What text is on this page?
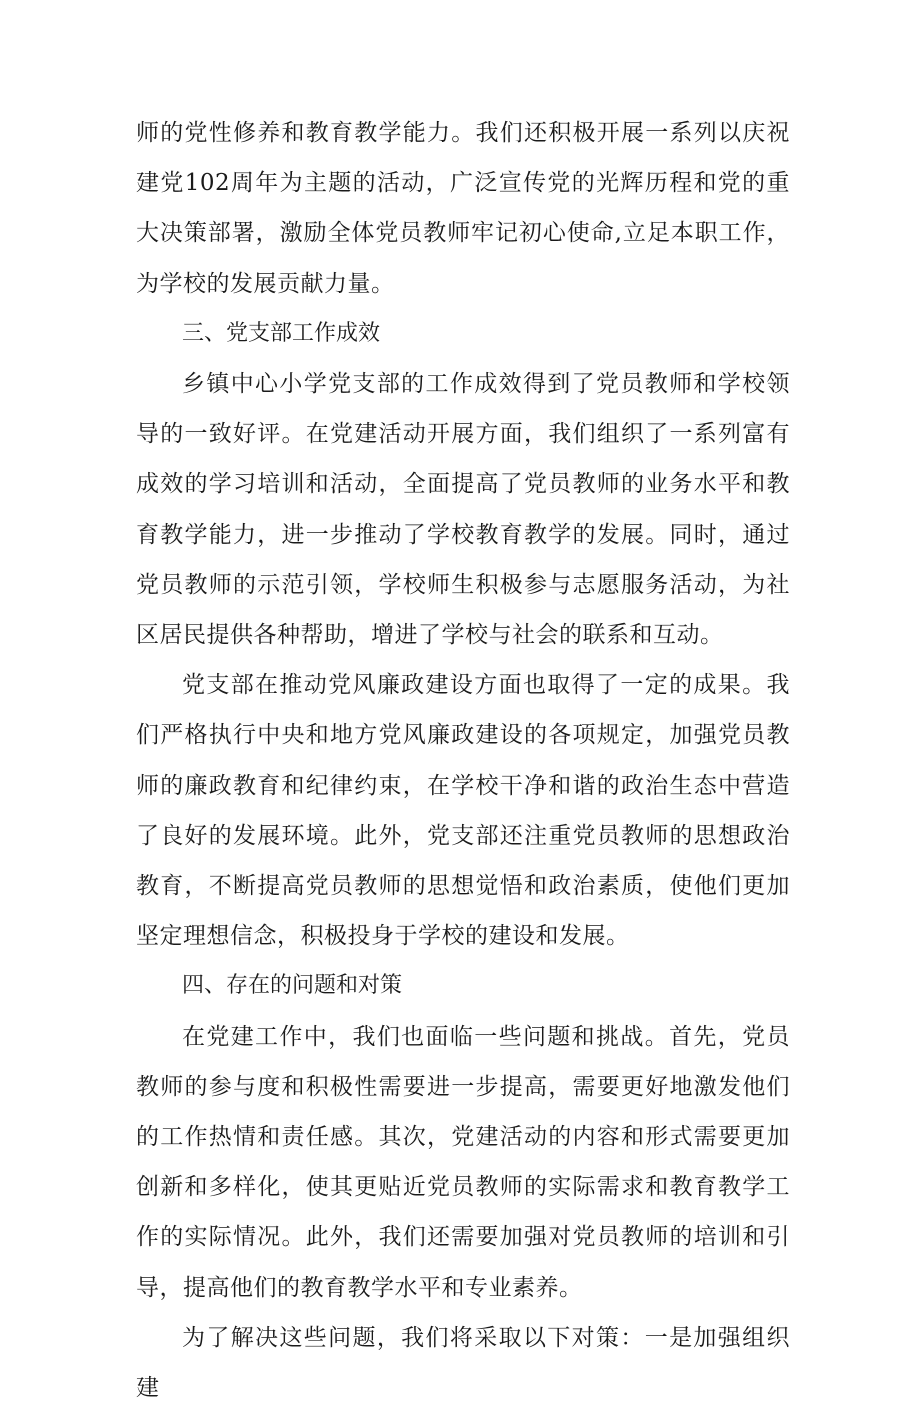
师的党性修养和教育教学能力。我们还积极开展一系列以庆祝建党102周年为主题的活动，广泛宣传党的光辉历程和党的重大决策部署，激励全体党员教师牢记初心使命,立足本职工作，为学校的发展贡献力量。

三、党支部工作成效

乡镇中心小学党支部的工作成效得到了党员教师和学校领导的一致好评。在党建活动开展方面，我们组织了一系列富有成效的学习培训和活动，全面提高了党员教师的业务水平和教育教学能力，进一步推动了学校教育教学的发展。同时，通过党员教师的示范引领，学校师生积极参与志愿服务活动，为社区居民提供各种帮助，增进了学校与社会的联系和互动。

党支部在推动党风廉政建设方面也取得了一定的成果。我们严格执行中央和地方党风廉政建设的各项规定，加强党员教师的廉政教育和纪律约束，在学校干净和谐的政治生态中营造了良好的发展环境。此外，党支部还注重党员教师的思想政治教育，不断提高党员教师的思想觉悟和政治素质，使他们更加坚定理想信念，积极投身于学校的建设和发展。

四、存在的问题和对策

在党建工作中，我们也面临一些问题和挑战。首先，党员教师的参与度和积极性需要进一步提高，需要更好地激发他们的工作热情和责任感。其次，党建活动的内容和形式需要更加创新和多样化，使其更贴近党员教师的实际需求和教育教学工作的实际情况。此外，我们还需要加强对党员教师的培训和引导，提高他们的教育教学水平和专业素养。

为了解决这些问题，我们将采取以下对策：一是加强组织建
